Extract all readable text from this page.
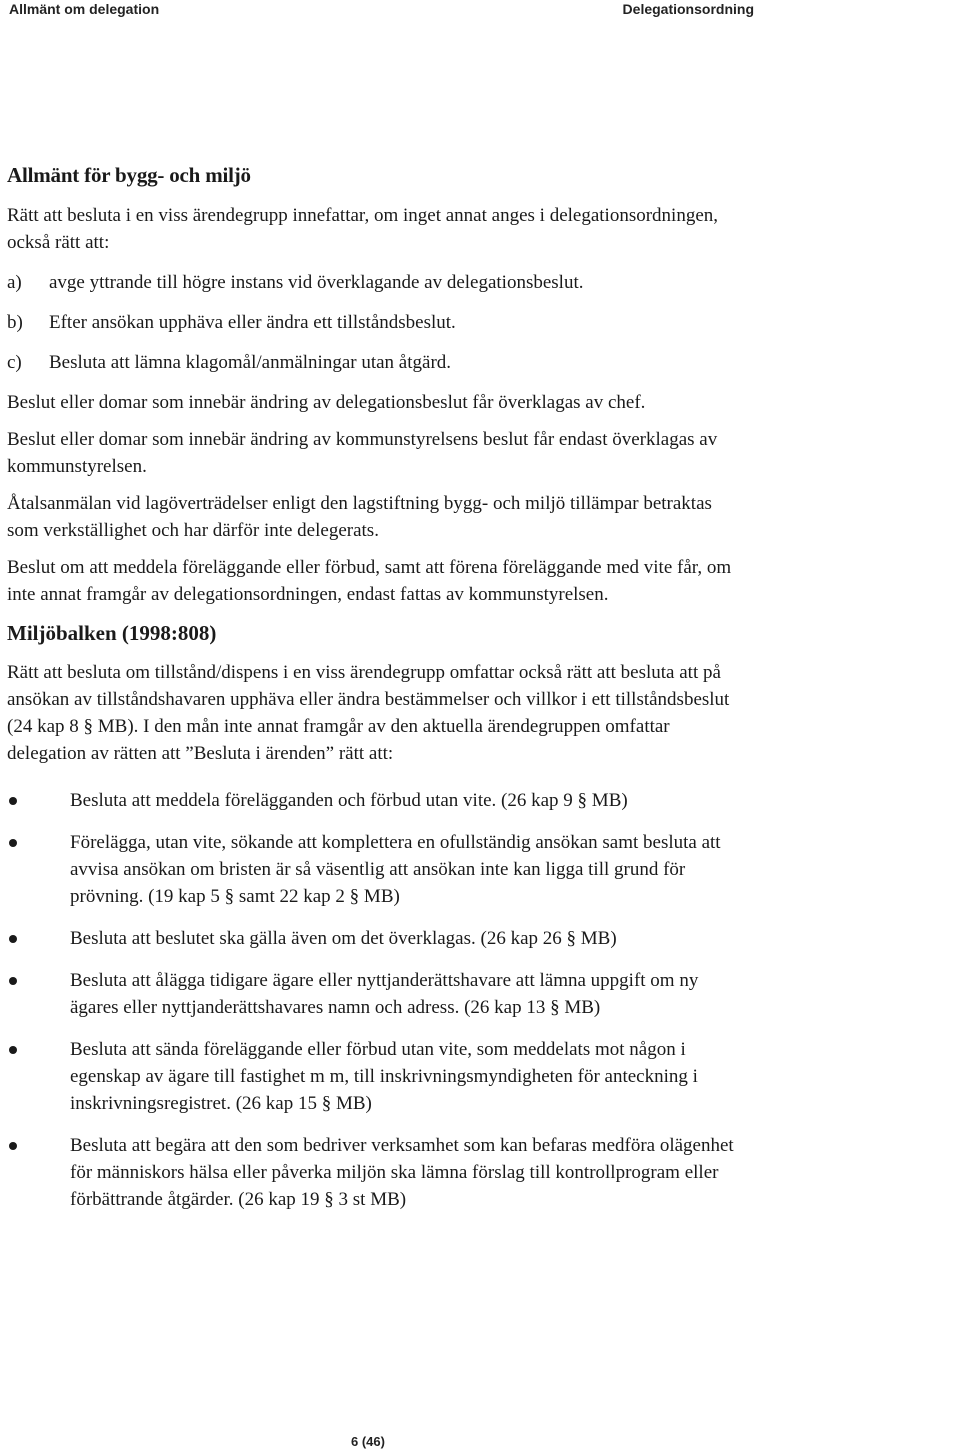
Allmänt om delegation	Delegationsordning
Allmänt för bygg- och miljö

Rätt att besluta i en viss ärendegrupp innefattar, om inget annat anges i delegationsordningen, också rätt att:

a)	avge yttrande till högre instans vid överklagande av delegationsbeslut.
b)	Efter ansökan upphäva eller ändra ett tillståndsbeslut.
c)	Besluta att lämna klagomål/anmälningar utan åtgärd.

Beslut eller domar som innebär ändring av delegationsbeslut får överklagas av chef.

Beslut eller domar som innebär ändring av kommunstyrelsens beslut får endast överklagas av kommunstyrelsen.

Åtalsanmälan vid lagöverträdelser enligt den lagstiftning bygg- och miljö tillämpar betraktas som verkställighet och har därför inte delegerats.

Beslut om att meddela föreläggande eller förbud, samt att förena föreläggande med vite får, om inte annat framgår av delegationsordningen, endast fattas av kommunstyrelsen.

Miljöbalken (1998:808)

Rätt att besluta om tillstånd/dispens i en viss ärendegrupp omfattar också rätt att besluta att på ansökan av tillståndshavaren upphäva eller ändra bestämmelser och villkor i ett tillståndsbeslut (24 kap 8 § MB). I den mån inte annat framgår av den aktuella ärendegruppen omfattar delegation av rätten att ”Besluta i ärenden” rätt att:

Besluta att meddela förelägganden och förbud utan vite. (26 kap 9 § MB)
Förelägga, utan vite, sökande att komplettera en ofullständig ansökan samt besluta att avvisa ansökan om bristen är så väsentlig att ansökan inte kan ligga till grund för prövning. (19 kap 5 § samt 22 kap 2 § MB)
Besluta att beslutet ska gälla även om det överklagas. (26 kap 26 § MB)
Besluta att ålägga tidigare ägare eller nyttjanderättshavare att lämna uppgift om ny ägares eller nyttjanderättshavares namn och adress. (26 kap 13 § MB)
Besluta att sända föreläggande eller förbud utan vite, som meddelats mot någon i egenskap av ägare till fastighet m m, till inskrivningsmyndigheten för anteckning i inskrivningsregistret. (26 kap 15 § MB)
Besluta att begära att den som bedriver verksamhet som kan befaras medföra olägenhet för människors hälsa eller påverka miljön ska lämna förslag till kontrollprogram eller förbättrande åtgärder. (26 kap 19 § 3 st MB)
6 (46)
